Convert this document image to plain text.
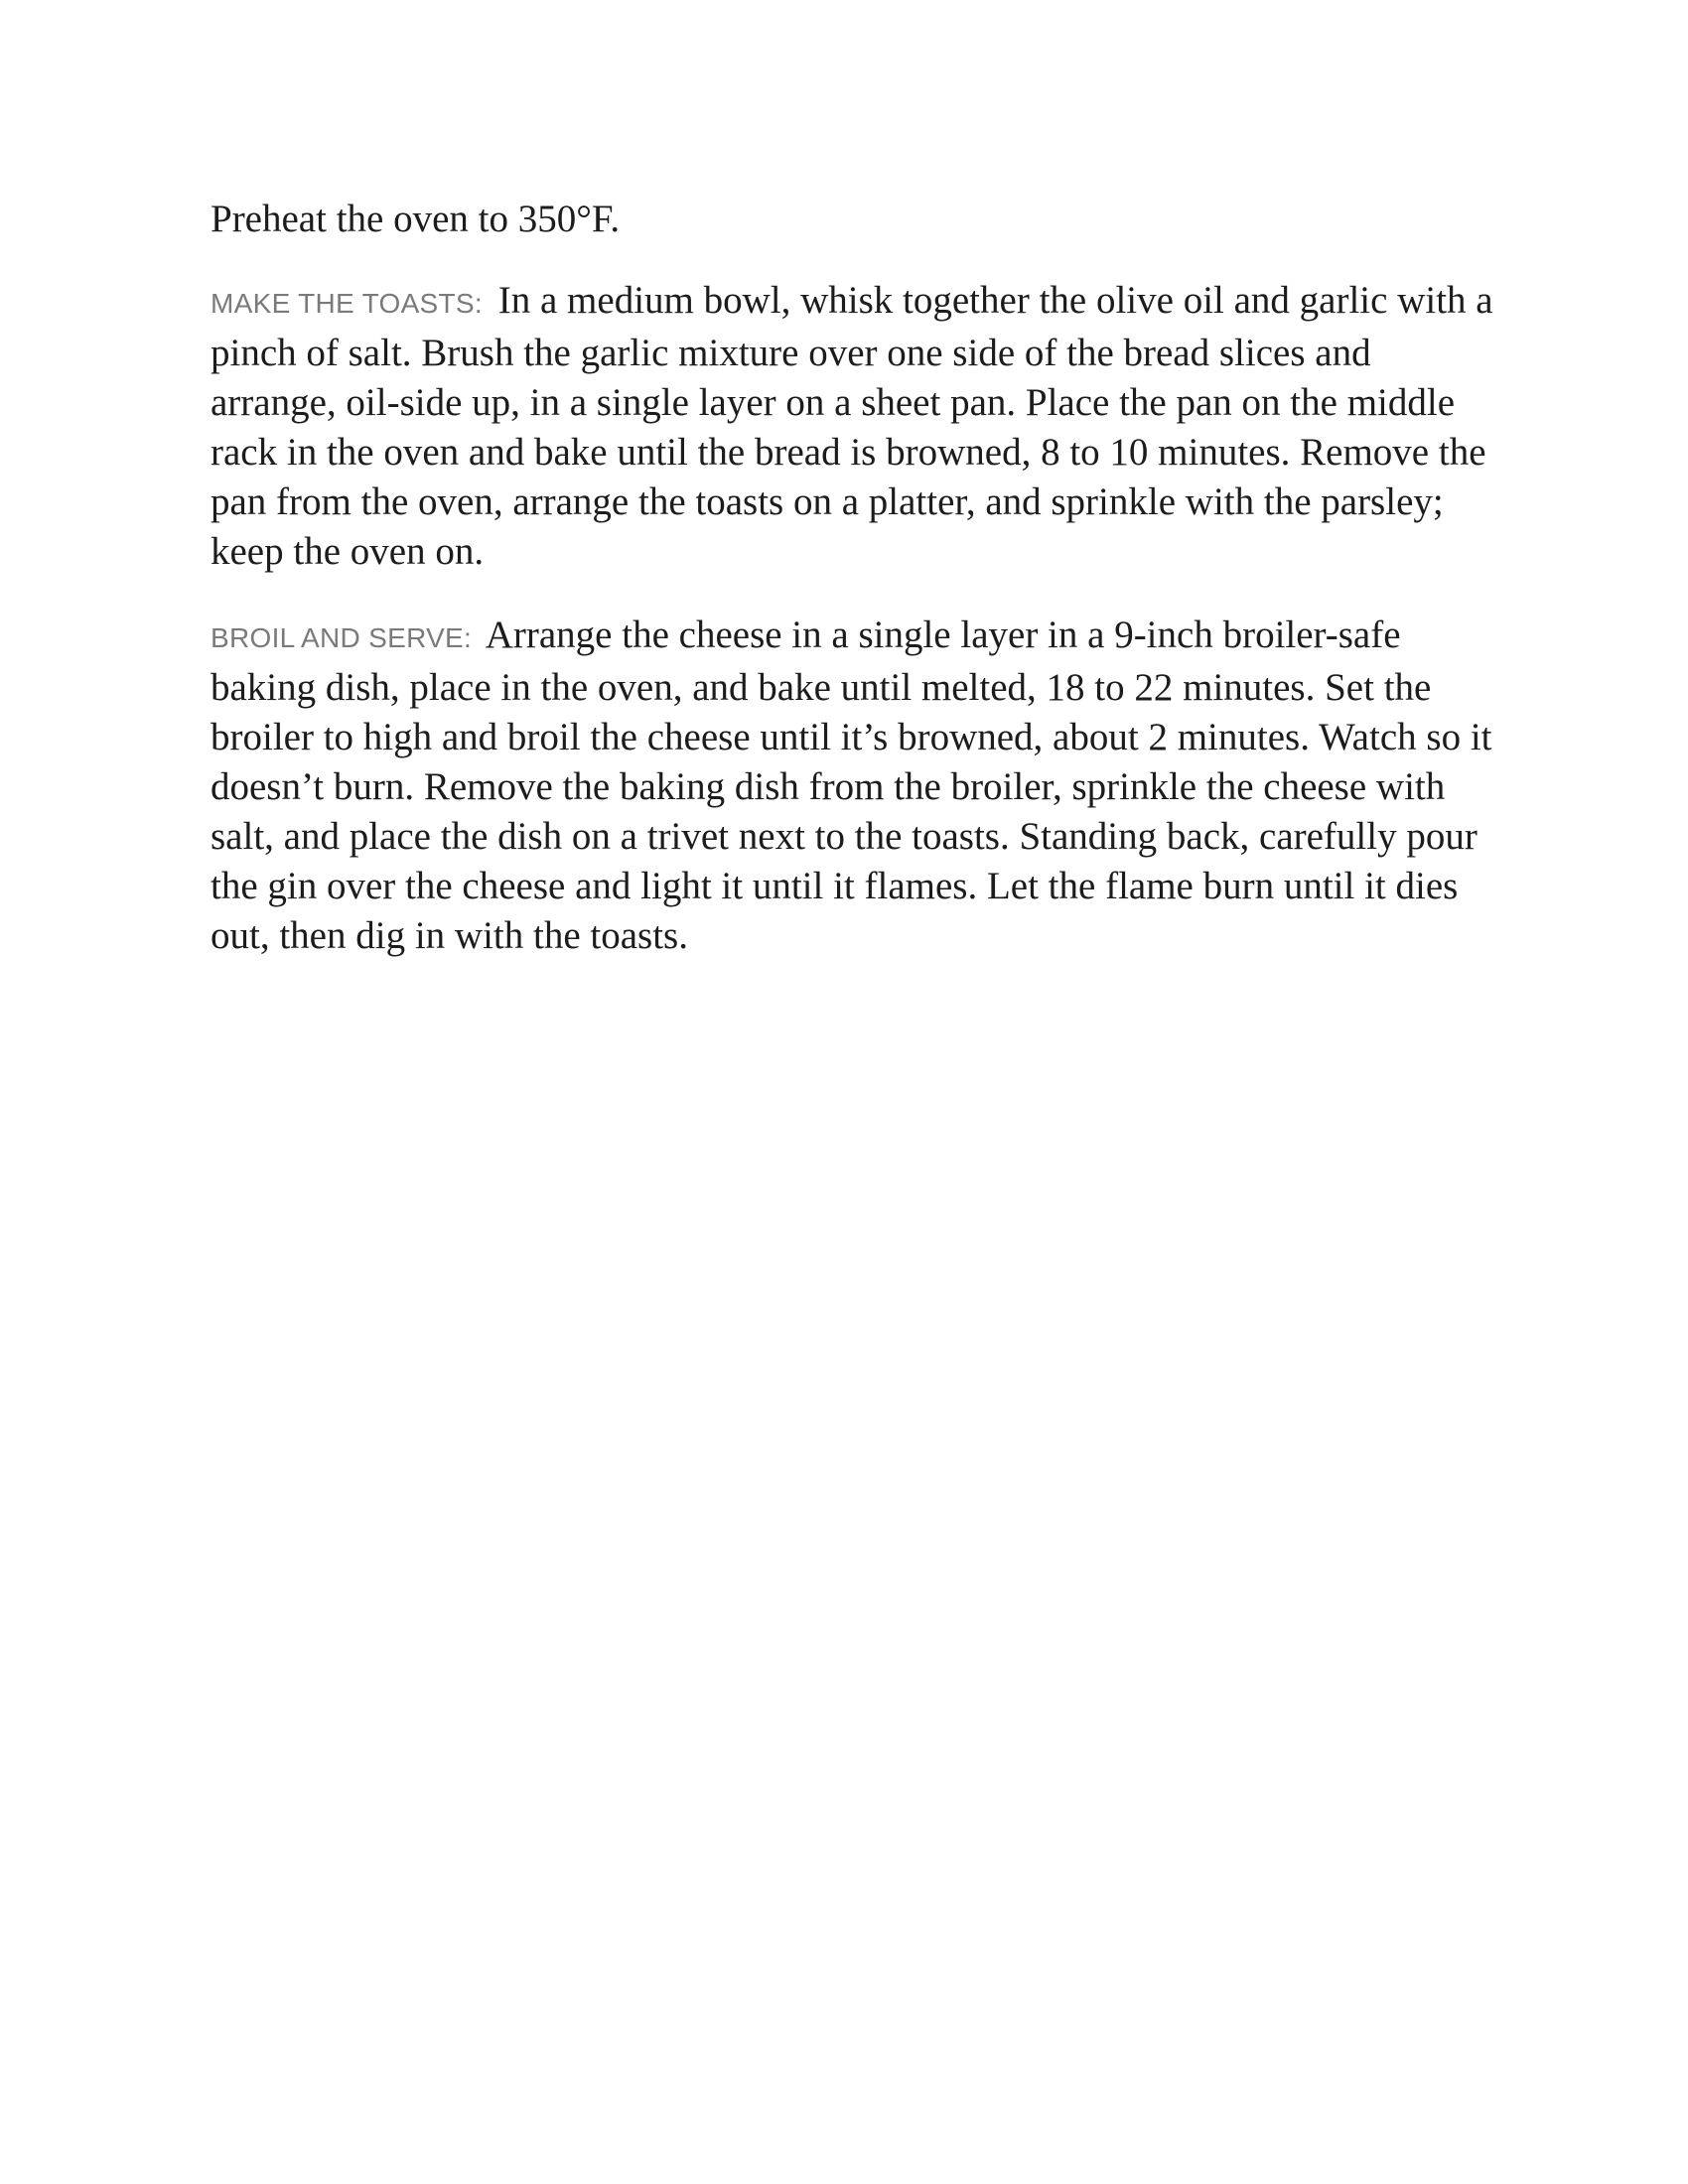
Preheat the oven to 350°F.

MAKE THE TOASTS: In a medium bowl, whisk together the olive oil and garlic with a pinch of salt. Brush the garlic mixture over one side of the bread slices and arrange, oil-side up, in a single layer on a sheet pan. Place the pan on the middle rack in the oven and bake until the bread is browned, 8 to 10 minutes. Remove the pan from the oven, arrange the toasts on a platter, and sprinkle with the parsley; keep the oven on.

BROIL AND SERVE: Arrange the cheese in a single layer in a 9-inch broiler-safe baking dish, place in the oven, and bake until melted, 18 to 22 minutes. Set the broiler to high and broil the cheese until it’s browned, about 2 minutes. Watch so it doesn’t burn. Remove the baking dish from the broiler, sprinkle the cheese with salt, and place the dish on a trivet next to the toasts. Standing back, carefully pour the gin over the cheese and light it until it flames. Let the flame burn until it dies out, then dig in with the toasts.
